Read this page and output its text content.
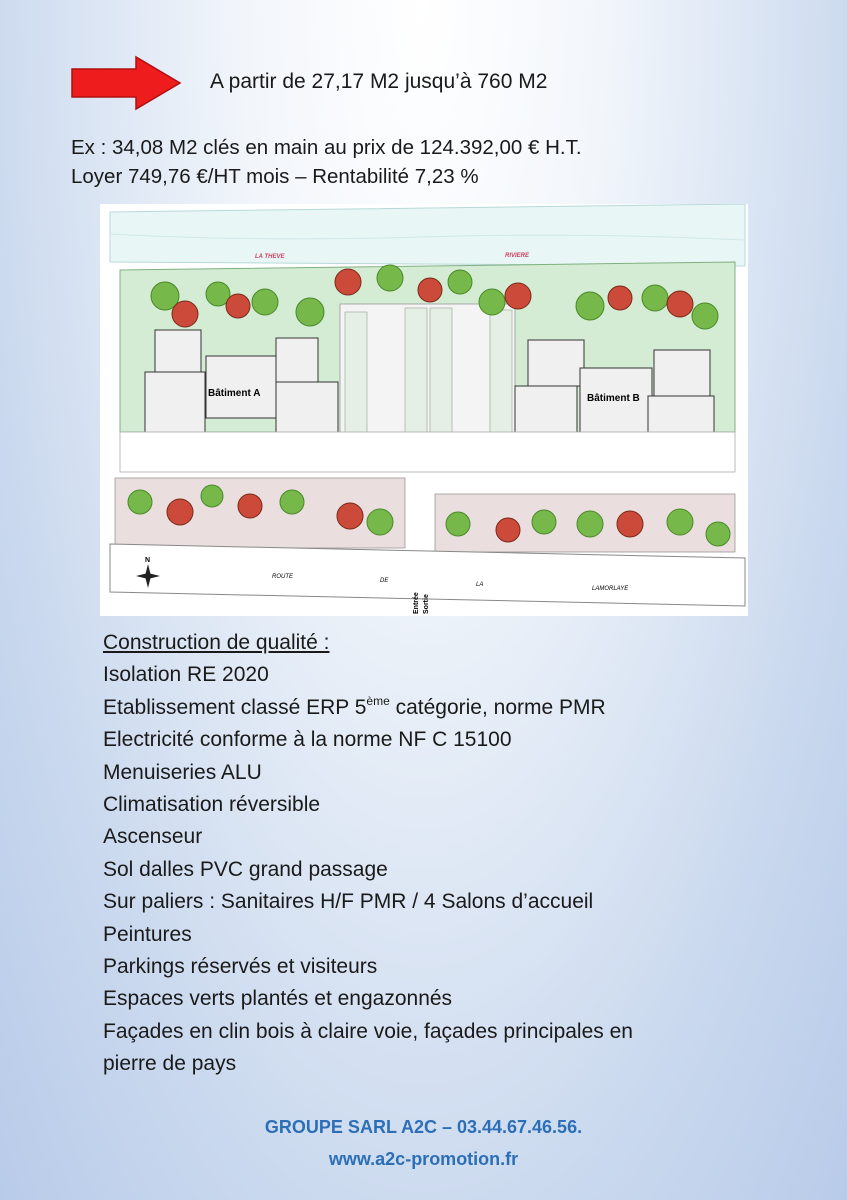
A partir de 27,17 M2 jusqu’à 760 M2
Ex : 34,08 M2 clés en main au prix de 124.392,00 € H.T.
Loyer 749,76 €/HT mois – Rentabilité 7,23 %
LA THEVE	RIVIERE
Bâtiment A	Bâtiment B
ROUTE
DE
LA
LAMORLAYE
Entrée Sortie
N
Construction de qualité :
Isolation RE 2020
Etablissement classé ERP 5ème catégorie, norme PMR
Electricité conforme à la norme NF C 15100
Menuiseries ALU
Climatisation réversible
Ascenseur
Sol dalles PVC grand passage
Sur paliers : Sanitaires H/F PMR / 4 Salons d’accueil
Peintures
Parkings réservés et visiteurs
Espaces verts plantés et engazonnés
Façades en clin bois à claire voie, façades principales en
pierre de pays
GROUPE SARL A2C – 03.44.67.46.56.
www.a2c-promotion.fr
